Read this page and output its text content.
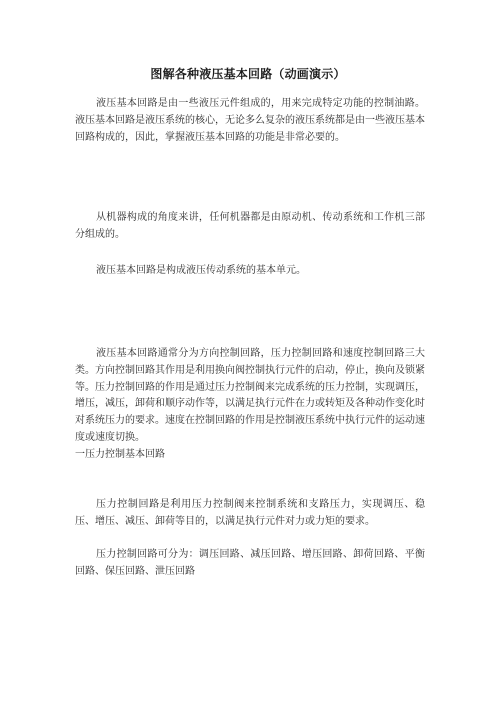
图解各种液压基本回路（动画演示）

液压基本回路是由一些液压元件组成的，用来完成特定功能的控制油路。液压基本回路是液压系统的核心，无论多么复杂的液压系统都是由一些液压基本回路构成的，因此，掌握液压基本回路的功能是非常必要的。

从机器构成的角度来讲，任何机器都是由原动机、传动系统和工作机三部分组成的。

液压基本回路是构成液压传动系统的基本单元。

液压基本回路通常分为方向控制回路，压力控制回路和速度控制回路三大类。方向控制回路其作用是利用换向阀控制执行元件的启动，停止，换向及锁紧等。压力控制回路的作用是通过压力控制阀来完成系统的压力控制，实现调压，增压，减压，卸荷和顺序动作等，以满足执行元件在力或转矩及各种动作变化时对系统压力的要求。速度在控制回路的作用是控制液压系统中执行元件的运动速度或速度切换。
一压力控制基本回路

压力控制回路是利用压力控制阀来控制系统和支路压力，实现调压、稳压、增压、减压、卸荷等目的，以满足执行元件对力或力矩的要求。

压力控制回路可分为：调压回路、减压回路、增压回路、卸荷回路、平衡回路、保压回路、泄压回路
